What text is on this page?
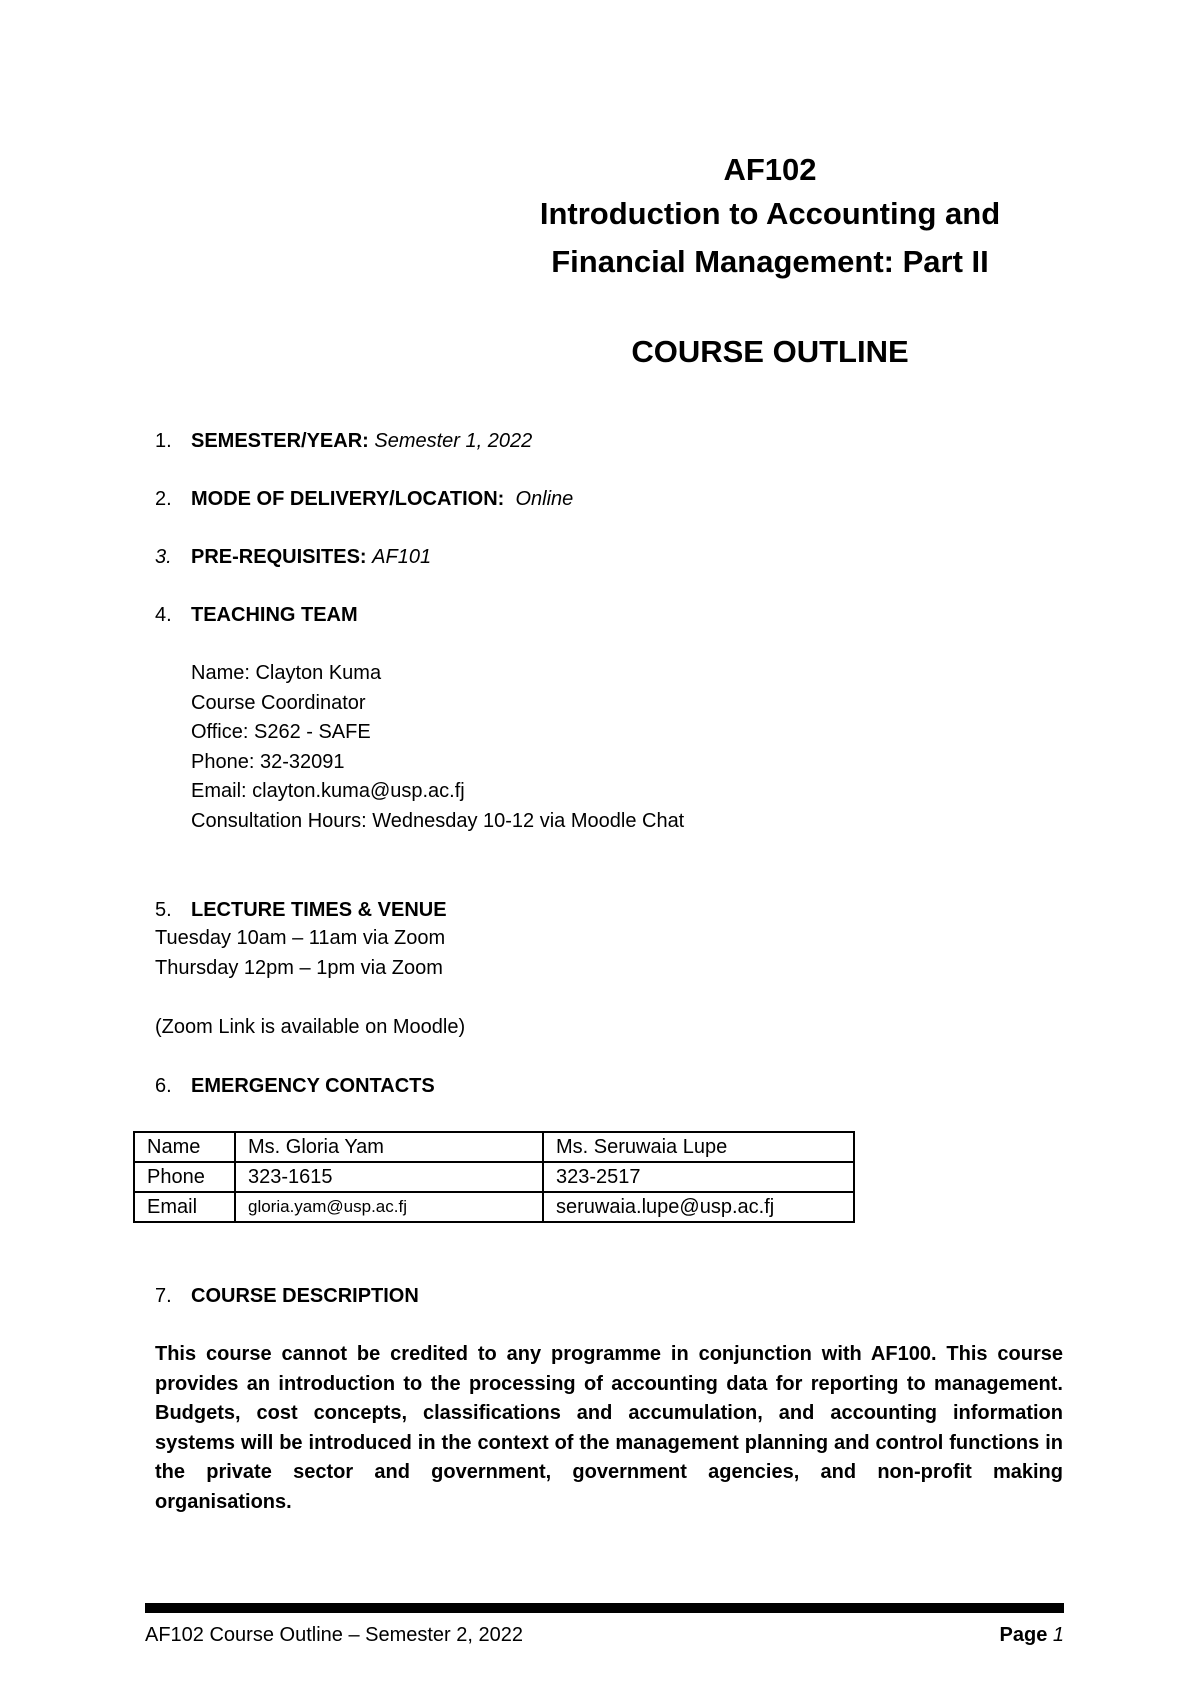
AF102
Introduction to Accounting and
Financial Management: Part II
COURSE OUTLINE
1. SEMESTER/YEAR: Semester 1, 2022
2. MODE OF DELIVERY/LOCATION: Online
3. PRE-REQUISITES: AF101
4. TEACHING TEAM
Name: Clayton Kuma
Course Coordinator
Office: S262 - SAFE
Phone: 32-32091
Email: clayton.kuma@usp.ac.fj
Consultation Hours: Wednesday 10-12 via Moodle Chat
5. LECTURE TIMES & VENUE
Tuesday 10am – 11am via Zoom
Thursday 12pm – 1pm via Zoom
(Zoom Link is available on Moodle)
6. EMERGENCY CONTACTS
Name	Ms. Gloria Yam	Ms. Seruwaia Lupe
Phone	323-1615	323-2517
Email	gloria.yam@usp.ac.fj	seruwaia.lupe@usp.ac.fj
7. COURSE DESCRIPTION
This course cannot be credited to any programme in conjunction with AF100. This course provides an introduction to the processing of accounting data for reporting to management. Budgets, cost concepts, classifications and accumulation, and accounting information systems will be introduced in the context of the management planning and control functions in the private sector and government, government agencies, and non-profit making organisations.
AF102 Course Outline – Semester 2, 2022	Page 1
